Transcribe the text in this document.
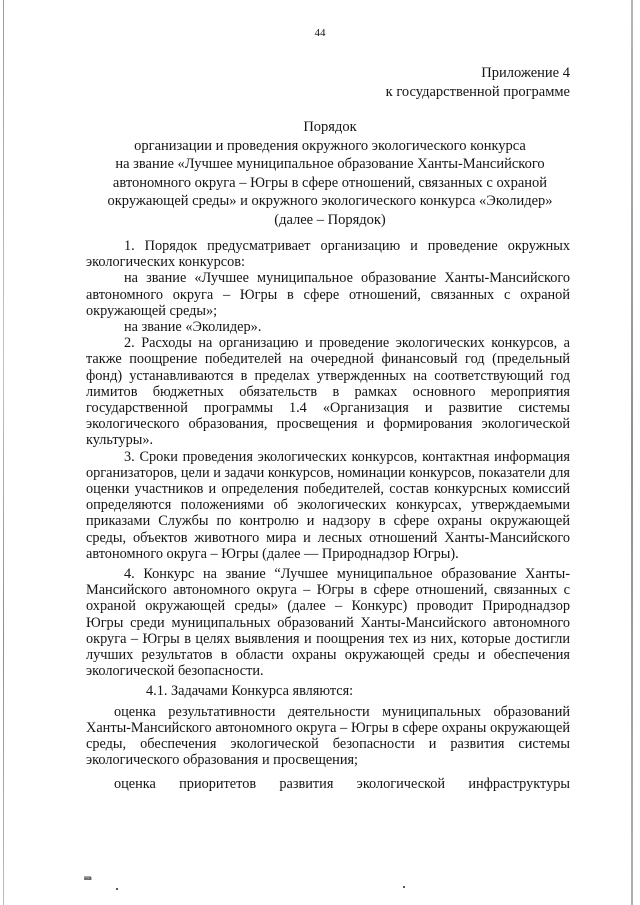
44
Приложение 4
к государственной программе
Порядок
организации и проведения окружного экологического конкурса
на звание «Лучшее муниципальное образование Ханты-Мансийского
автономного округа – Югры в сфере отношений, связанных с охраной
окружающей среды» и окружного экологического конкурса «Эколидер»
(далее – Порядок)

1. Порядок предусматривает организацию и проведение окружных экологических конкурсов:

на звание «Лучшее муниципальное образование Ханты-Мансийского автономного округа – Югры в сфере отношений, связанных с охраной окружающей среды»;

на звание «Эколидер».

2. Расходы на организацию и проведение экологических конкурсов, а также поощрение победителей на очередной финансовый год (предельный фонд) устанавливаются в пределах утвержденных на соответствующий год лимитов бюджетных обязательств в рамках основного мероприятия государственной программы 1.4 «Организация и развитие системы экологического образования, просвещения и формирования экологической культуры».

3. Сроки проведения экологических конкурсов, контактная информация организаторов, цели и задачи конкурсов, номинации конкурсов, показатели для оценки участников и определения победителей, состав конкурсных комиссий определяются положениями об экологических конкурсах, утверждаемыми приказами Службы по контролю и надзору в сфере охраны окружающей среды, объектов животного мира и лесных отношений Ханты-Мансийского автономного округа – Югры (далее — Природнадзор Югры).

4. Конкурс на звание “Лучшее муниципальное образование Ханты-Мансийского автономного округа – Югры в сфере отношений, связанных с охраной окружающей среды» (далее – Конкурс) проводит Природнадзор Югры среди муниципальных образований Ханты-Мансийского автономного округа – Югры в целях выявления и поощрения тех из них, которые достигли лучших результатов в области охраны окружающей среды и обеспечения экологической безопасности.

4.1. Задачами Конкурса являются:

оценка результативности деятельности муниципальных образований Ханты-Мансийского автономного округа – Югры в сфере охраны окружающей среды, обеспечения экологической безопасности и развития системы экологического образования и просвещения;

оценка приоритетов развития экологической инфраструктуры

нв
